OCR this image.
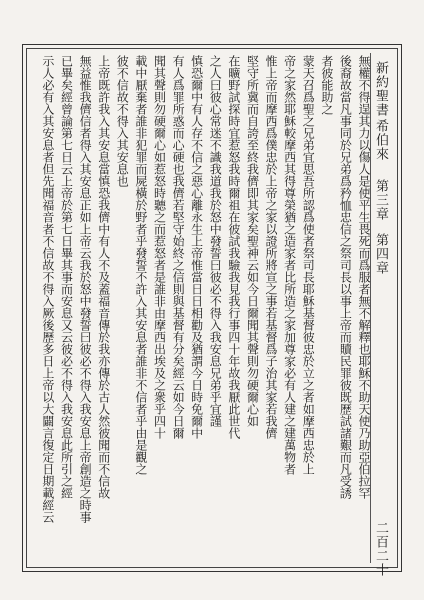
新約聖書
希伯來
第三章
第四章
二百二十
無權不得逞其力以傷人是使平生畏死而爲服者無不解釋也耶穌不助天使乃助亞伯拉罕
後裔故當凡事同於兄弟爲矜恤忠信之祭司長以事上帝而贖民罪彼既歷試諸艱而凡受誘
者彼能助之
蒙天召爲聖之兄弟宜思吾所認爲使者祭司長耶穌基督彼忠於立之者如摩西忠於上
帝之家然耶穌較摩西其得尊榮猶之造家者比所造之家加尊家必有人建之建萬物者
惟上帝而摩西爲僕忠於上帝之家以證所將宣之事若基督爲子治其家若我儕
堅守所冀而自誇至終我儕即其家矣聖神云如今日爾聞其聲則勿硬爾心如
在曠野試探時宜惹怒我時爾祖在彼試我驗我見我行事四十年故我厭此世代
之人曰彼心常迷不識我道我於怒中發誓曰彼必不得入我安息兄弟乎宜謹
慎恐爾中有人存不信之惡心離永生上帝惟當日日相勸及猶謂今日時免爾中
有人爲罪所惑而心硬也我儕若堅守始終之信則與基督有分矣經云如今日爾
聞其聲則勿硬爾心如惹怒時聽之而惹怒者是誰非由摩西出埃及之衆乎四十
載中厭棄者誰非犯罪而屍橫於野者乎發誓不許入其安息者誰非不信者乎由是觀之
彼不信故不得入其安息也
上帝既許我入其安息當慎恐我儕中有人不及蓋福音傳於我亦傳於古人然彼聞而不信故
無益惟我儕信者得入其安息正如上帝云我於怒中發誓曰彼必不得入我安息上帝創造之時事
已畢矣經曾論第七日云上帝於第七日畢其事而安息又云彼必不得入我安息此所引之經
示人必有入其安息者但先聞福音者不信故不得入厥後歷多日上帝以大闢言復定日期載經云
